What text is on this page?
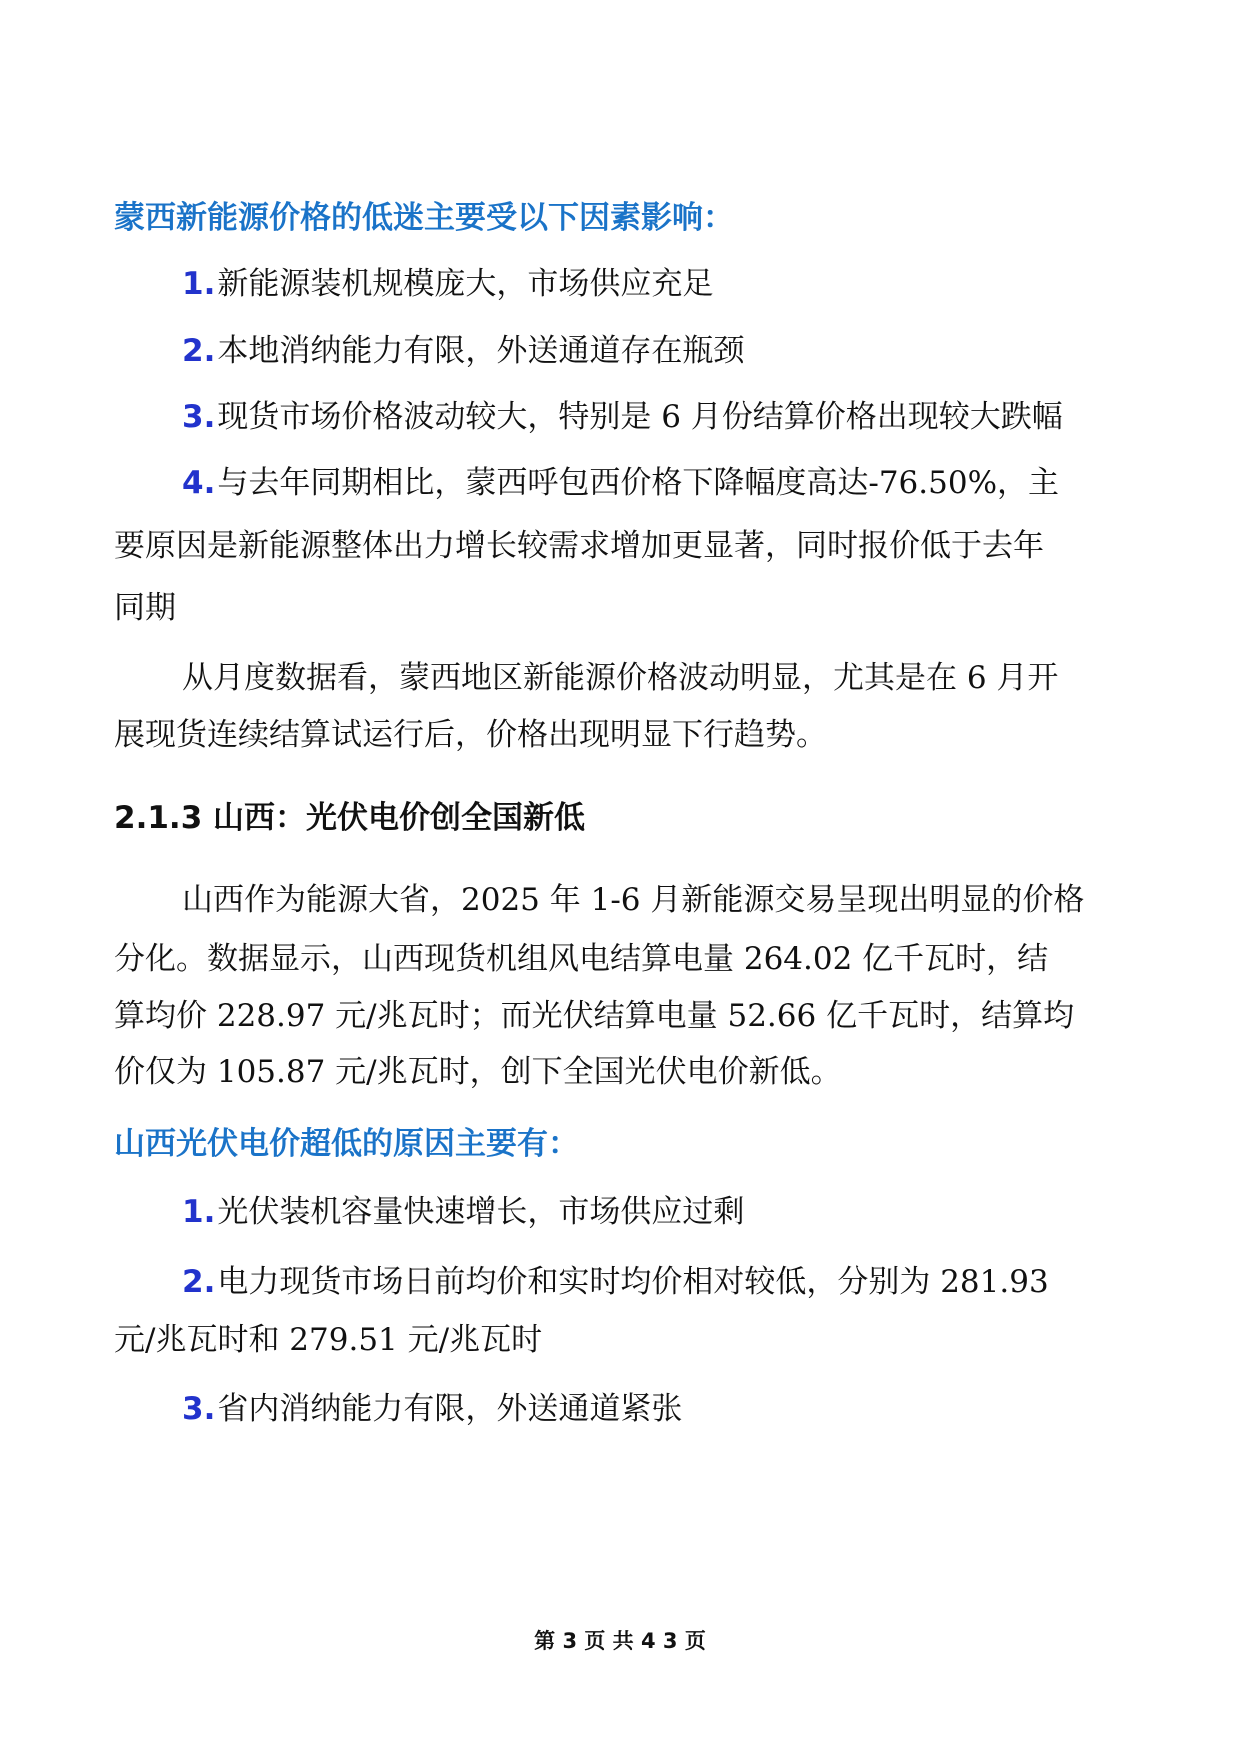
蒙西新能源价格的低迷主要受以下因素影响：

1.新能源装机规模庞大，市场供应充足

2.本地消纳能力有限，外送通道存在瓶颈

3.现货市场价格波动较大，特别是 6 月份结算价格出现较大跌幅

4.与去年同期相比，蒙西呼包西价格下降幅度高达-76.50%，主

要原因是新能源整体出力增长较需求增加更显著，同时报价低于去年

同期

从月度数据看，蒙西地区新能源价格波动明显，尤其是在 6 月开

展现货连续结算试运行后，价格出现明显下行趋势。

2.1.3 山西：光伏电价创全国新低

山西作为能源大省，2025 年 1-6 月新能源交易呈现出明显的价格

分化。数据显示，山西现货机组风电结算电量 264.02 亿千瓦时，结

算均价 228.97 元/兆瓦时；而光伏结算电量 52.66 亿千瓦时，结算均

价仅为 105.87 元/兆瓦时，创下全国光伏电价新低。

山西光伏电价超低的原因主要有：

1.光伏装机容量快速增长，市场供应过剩

2.电力现货市场日前均价和实时均价相对较低，分别为 281.93

元/兆瓦时和 279.51 元/兆瓦时

3.省内消纳能力有限，外送通道紧张

第 3 页 共 4 3 页
